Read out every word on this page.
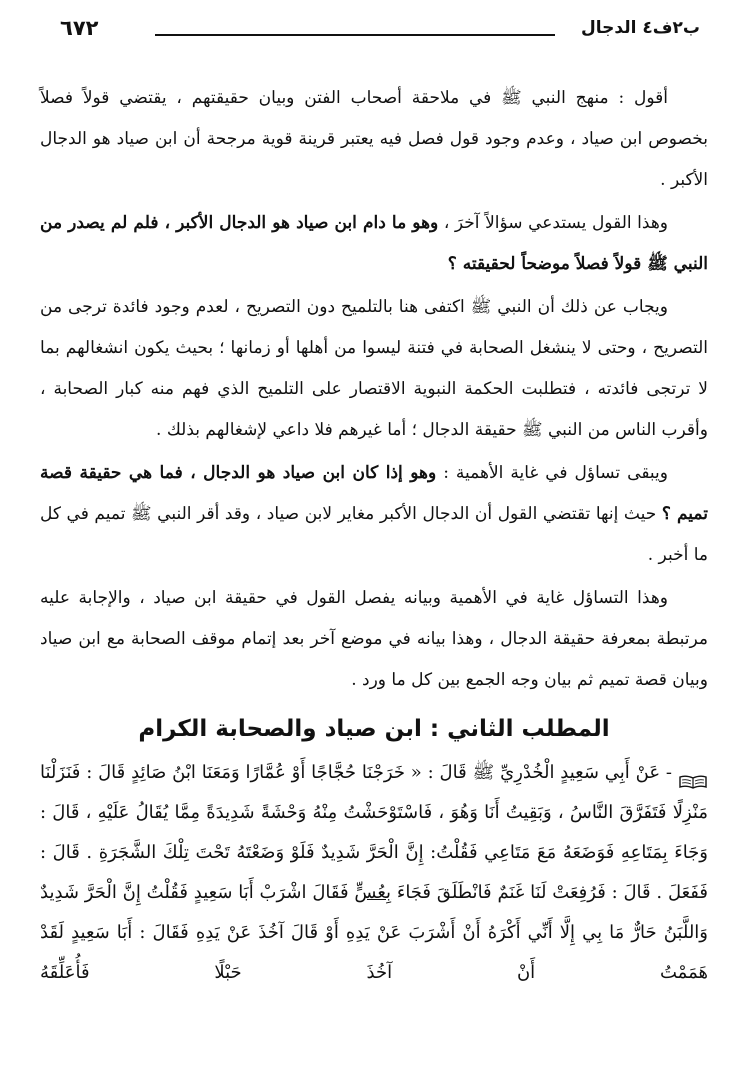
ب٢ف٤ الدجال
٦٧٢

أقول : منهج النبي ﷺ في ملاحقة أصحاب الفتن وبيان حقيقتهم ، يقتضي قولاً فصلاً بخصوص ابن صياد ، وعدم وجود قول فصل فيه يعتبر قرينة قوية مرجحة أن ابن صياد هو الدجال الأكبر .

وهذا القول يستدعي سؤالاً آخرَ ، وهو ما دام ابن صياد هو الدجال الأكبر ، فلم لم يصدر من النبي ﷺ قولاً فصلاً موضحاً لحقيقته ؟

ويجاب عن ذلك أن النبي ﷺ اكتفى هنا بالتلميح دون التصريح ، لعدم وجود فائدة ترجى من التصريح ، وحتى لا ينشغل الصحابة في فتنة ليسوا من أهلها أو زمانها ؛ بحيث يكون انشغالهم بما لا ترتجى فائدته ، فتطلبت الحكمة النبوية الاقتصار على التلميح الذي فهم منه كبار الصحابة ، وأقرب الناس من النبي ﷺ حقيقة الدجال ؛ أما غيرهم فلا داعي لإشغالهم بذلك .

ويبقى تساؤل في غاية الأهمية : وهو إذا كان ابن صياد هو الدجال ، فما هي حقيقة قصة تميم ؟ حيث إنها تقتضي القول أن الدجال الأكبر مغاير لابن صياد ، وقد أقر النبي ﷺ تميم في كل ما أخبر .

وهذا التساؤل غاية في الأهمية وبيانه يفصل القول في حقيقة ابن صياد ، والإجابة عليه مرتبطة بمعرفة حقيقة الدجال ، وهذا بيانه في موضع آخر بعد إتمام موقف الصحابة مع ابن صياد وبيان قصة تميم ثم بيان وجه الجمع بين كل ما ورد .

المطلب الثاني : ابن صياد والصحابة الكرام

- عَنْ أَبِي سَعِيدٍ الْخُدْرِيِّ ﷺ قَالَ : « خَرَجْنَا حُجَّاجًا أَوْ عُمَّارًا وَمَعَنَا ابْنُ صَائِدٍ قَالَ : فَنَزَلْنَا مَنْزِلًا فَتَفَرَّقَ النَّاسُ ، وَبَقِيتُ أَنَا وَهُوَ ، فَاسْتَوْحَشْتُ مِنْهُ وَحْشَةً شَدِيدَةً مِمَّا يُقَالُ عَلَيْهِ ، قَالَ : وَجَاءَ بِمَتَاعِهِ فَوَضَعَهُ مَعَ مَتَاعِي فَقُلْتُ: إِنَّ الْحَرَّ شَدِيدٌ فَلَوْ وَضَعْتَهُ تَحْتَ تِلْكَ الشَّجَرَةِ . قَالَ : فَفَعَلَ . قَالَ : فَرُفِعَتْ لَنَا غَنَمٌ فَانْطَلَقَ فَجَاءَ بِعُسٍّ فَقَالَ اشْرَبْ أَبَا سَعِيدٍ فَقُلْتُ إِنَّ الْحَرَّ شَدِيدٌ وَاللَّبَنُ حَارٌّ مَا بِي إِلَّا أَنِّي أَكْرَهُ أَنْ أَشْرَبَ عَنْ يَدِهِ أَوْ قَالَ آخُذَ عَنْ يَدِهِ فَقَالَ : أَبَا سَعِيدٍ لَقَدْ هَمَمْتُ أَنْ آخُذَ حَبْلًا فَأُعَلِّقَهُ
